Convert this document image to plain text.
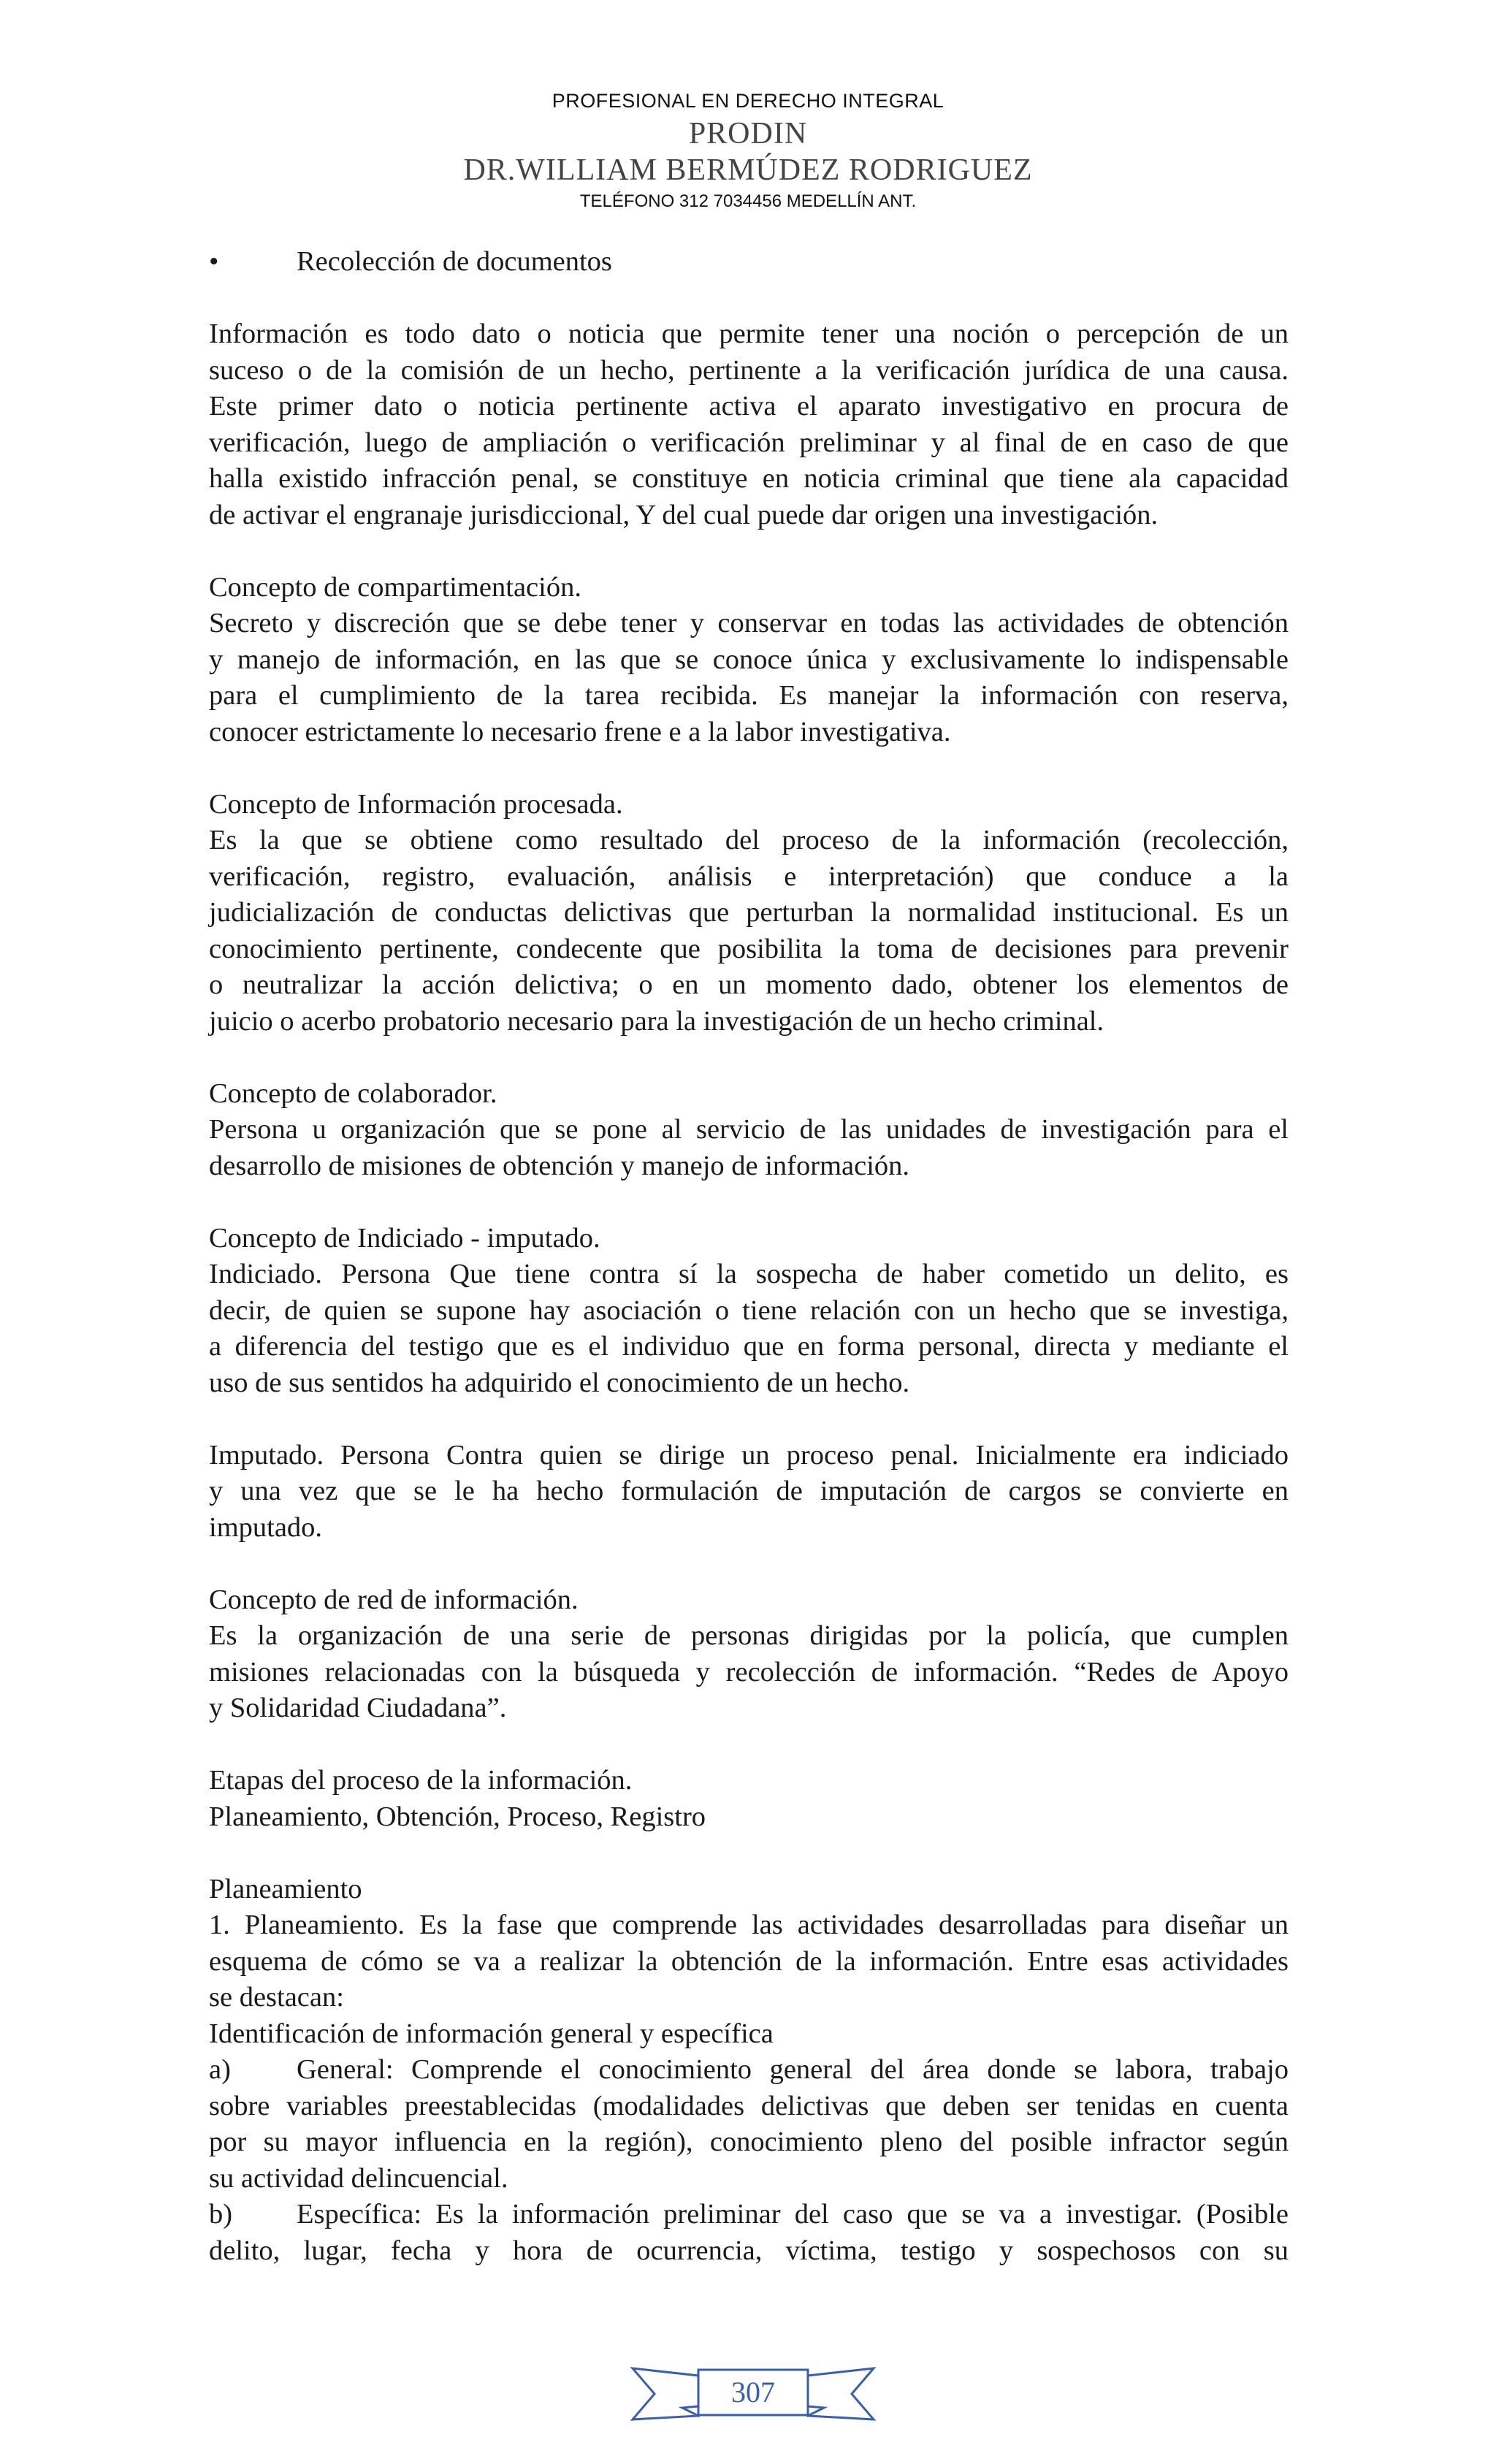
PROFESIONAL EN DERECHO INTEGRAL
PRODIN
DR.WILLIAM BERMÚDEZ RODRIGUEZ
TELÉFONO 312 7034456 MEDELLÍN ANT.
•	Recolección de documentos
Información es todo dato o noticia que permite tener una noción o percepción de un
suceso o de la comisión de un hecho, pertinente a la verificación jurídica de una causa.
Este primer dato o noticia pertinente activa el aparato investigativo en procura de
verificación, luego de ampliación o verificación preliminar y al final de en caso de que
halla existido infracción penal, se constituye en noticia criminal que tiene ala capacidad
de activar el engranaje jurisdiccional, Y del cual puede dar origen una investigación.
Concepto de compartimentación.
Secreto y discreción que se debe tener y conservar en todas las actividades de obtención
y manejo de información, en las que se conoce única y exclusivamente lo indispensable
para el cumplimiento de la tarea recibida. Es manejar la información con reserva,
conocer estrictamente lo necesario frene e a la labor investigativa.
Concepto de Información procesada.
Es la que se obtiene como resultado del proceso de la información (recolección,
verificación, registro, evaluación, análisis e interpretación) que conduce a la
judicialización de conductas delictivas que perturban la normalidad institucional. Es un
conocimiento pertinente, condecente que posibilita la toma de decisiones para prevenir
o neutralizar la acción delictiva; o en un momento dado, obtener los elementos de
juicio o acerbo probatorio necesario para la investigación de un hecho criminal.
Concepto de colaborador.
Persona u organización que se pone al servicio de las unidades de investigación para el
desarrollo de misiones de obtención y manejo de información.
Concepto de Indiciado - imputado.
Indiciado. Persona Que tiene contra sí la sospecha de haber cometido un delito, es
decir, de quien se supone hay asociación o tiene relación con un hecho que se investiga,
a diferencia del testigo que es el individuo que en forma personal, directa y mediante el
uso de sus sentidos ha adquirido el conocimiento de un hecho.
Imputado. Persona Contra quien se dirige un proceso penal. Inicialmente era indiciado
y una vez que se le ha hecho formulación de imputación de cargos se convierte en
imputado.
Concepto de red de información.
Es la organización de una serie de personas dirigidas por la policía, que cumplen
misiones relacionadas con la búsqueda y recolección de información. “Redes de Apoyo
y Solidaridad Ciudadana”.
Etapas del proceso de la información.
Planeamiento, Obtención, Proceso, Registro
Planeamiento
1. Planeamiento. Es la fase que comprende las actividades desarrolladas para diseñar un
esquema de cómo se va a realizar la obtención de la información. Entre esas actividades
se destacan:
Identificación de información general y específica
a)	General: Comprende el conocimiento general del área donde se labora, trabajo
sobre variables preestablecidas (modalidades delictivas que deben ser tenidas en cuenta
por su mayor influencia en la región), conocimiento pleno del posible infractor según
su actividad delincuencial.
b)	Específica: Es la información preliminar del caso que se va a investigar. (Posible
delito, lugar, fecha y hora de ocurrencia, víctima, testigo y sospechosos con su
307
